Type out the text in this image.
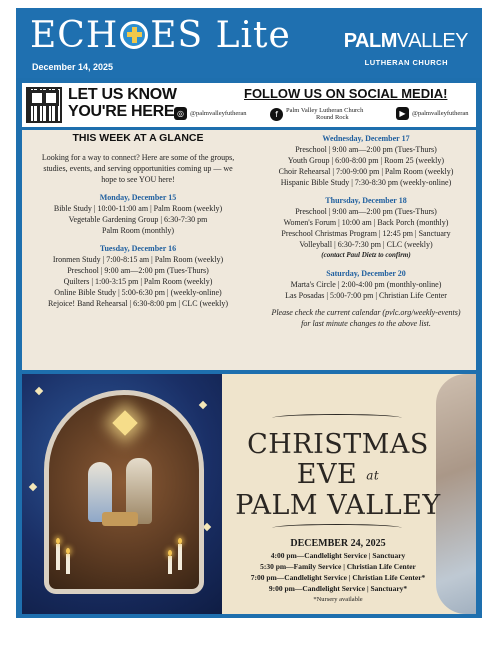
ECH ES Lite
December 14, 2025
PALMVALLEY
LUTHERAN CHURCH
LET US KNOW
YOU'RE HERE
FOLLOW US ON SOCIAL MEDIA!
◎ @palmvalleyfutheran	f	Palm Valley Lutheran Church
Round Rock	▶ @palmvalleyfutheran
THIS WEEK AT A GLANCE
Looking for a way to connect? Here are some of the groups, studies, events, and serving opportunities coming up — we hope to see YOU here!
Monday, December 15
Bible Study | 10:00-11:00 am | Palm Room (weekly)
Vegetable Gardening Group | 6:30-7:30 pm
Palm Room (monthly)
Tuesday, December 16
Ironmen Study | 7:00-8:15 am | Palm Room (weekly)
Preschool | 9:00 am—2:00 pm (Tues-Thurs)
Quilters | 1:00-3:15 pm | Palm Room (weekly)
Online Bible Study | 5:00-6:30 pm | (weekly-online)
Rejoice! Band Rehearsal | 6:30-8:00 pm | CLC (weekly)
Wednesday, December 17
Preschool | 9:00 am—2:00 pm (Tues-Thurs)
Youth Group | 6:00-8:00 pm | Room 25 (weekly)
Choir Rehearsal | 7:00-9:00 pm | Palm Room (weekly)
Hispanic Bible Study | 7:30-8:30 pm (weekly-online)
Thursday, December 18
Preschool | 9:00 am—2:00 pm (Tues-Thurs)
Women's Forum | 10:00 am | Back Porch (monthly)
Preschool Christmas Program | 12:45 pm | Sanctuary
Volleyball | 6:30-7:30 pm | CLC (weekly)
(contact Paul Dietz to confirm)
Saturday, December 20
Marta's Circle | 2:00-4:00 pm (monthly-online)
Las Posadas | 5:00-7:00 pm | Christian Life Center
Please check the current calendar (pvlc.org/weekly-events)
for last minute changes to the above list.
CHRISTMAS
EVE at
PALM VALLEY
DECEMBER 24, 2025
4:00 pm—Candlelight Service | Sanctuary
5:30 pm—Family Service | Christian Life Center
7:00 pm—Candlelight Service | Christian Life Center*
9:00 pm—Candlelight Service | Sanctuary*
*Nursery available
